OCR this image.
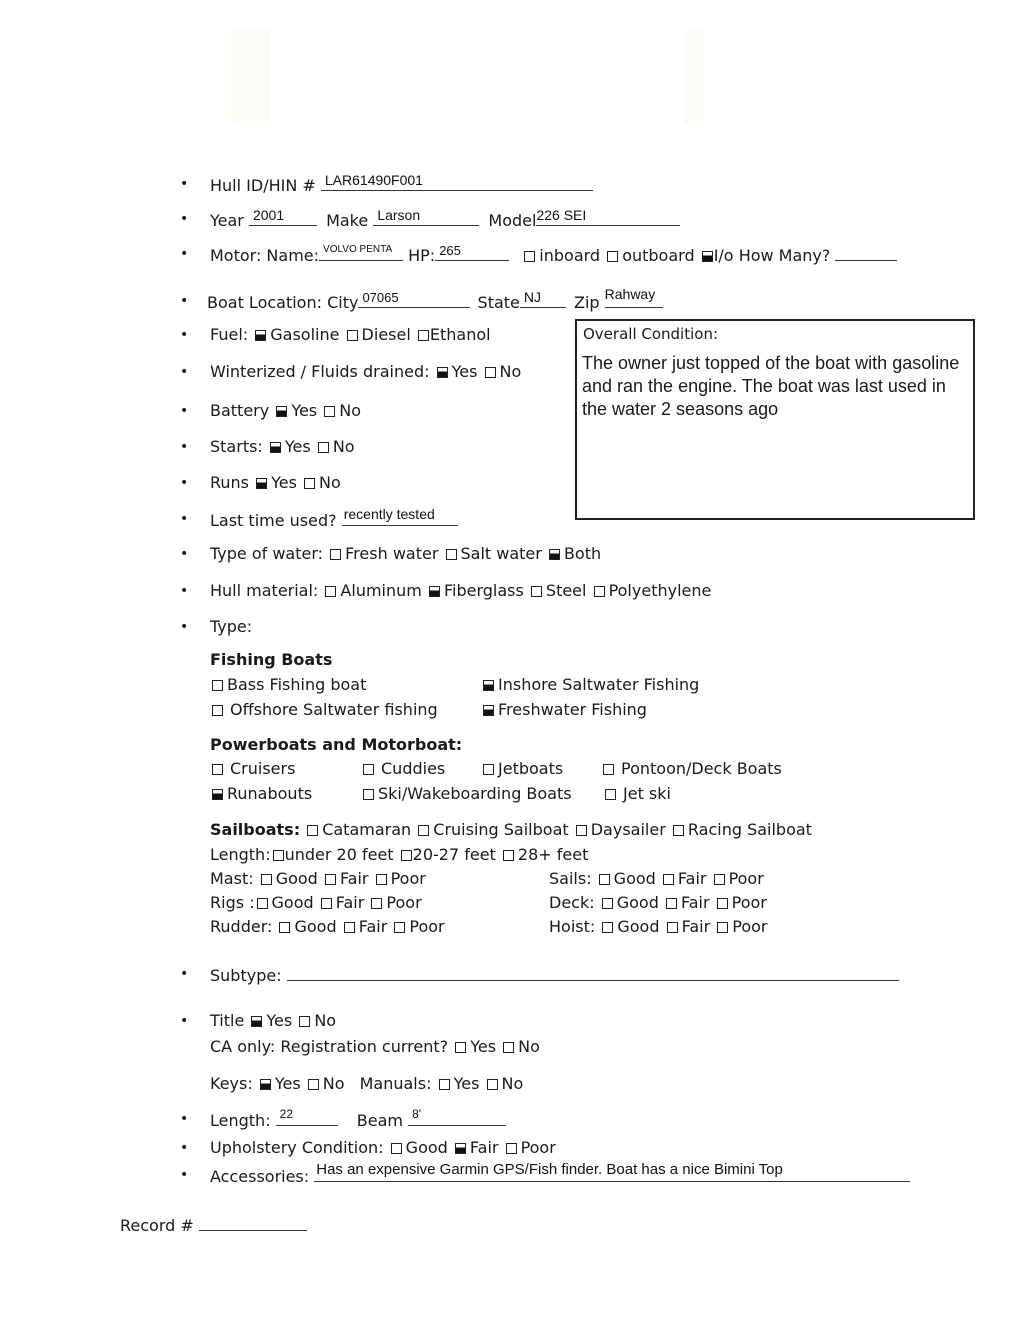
• Hull ID/HIN # LAR61490F001
• Year 2001	Make Larson	Model 226 SEI
• Motor: Name: VOLVO PENTA HP: 265	inboard outboard I/o How Many?
• Boat Location: City 07065	State NJ Zip Rahway
• Fuel: Gasoline Diesel Ethanol
• Winterized / Fluids drained: Yes No
• Battery Yes No
• Starts: Yes No
• Runs Yes No
• Last time used? recently tested
Overall Condition:
The owner just topped of the boat with gasoline and ran the engine. The boat was last used in the water 2 seasons ago
• Type of water: Fresh water Salt water Both
• Hull material: Aluminum Fiberglass Steel Polyethylene
• Type:
Fishing Boats
Bass Fishing boat	Inshore Saltwater Fishing
Offshore Saltwater fishing	Freshwater Fishing
Powerboats and Motorboat:
Cruisers	Cuddies	Jetboats	Pontoon/Deck Boats
Runabouts	Ski/Wakeboarding Boats	Jet ski
Sailboats: Catamaran Cruising Sailboat Daysailer Racing Sailboat
Length: under 20 feet 20-27 feet 28+ feet
Mast: Good Fair Poor	Sails: Good Fair Poor
Rigs : Good Fair Poor	Deck: Good Fair Poor
Rudder: Good Fair Poor	Hoist: Good Fair Poor
• Subtype:
• Title Yes No
CA only: Registration current? Yes No
Keys: Yes No Manuals: Yes No
• Length: 22	Beam 8'
• Upholstery Condition: Good Fair Poor
• Accessories: Has an expensive Garmin GPS/Fish finder. Boat has a nice Bimini Top
Record #
